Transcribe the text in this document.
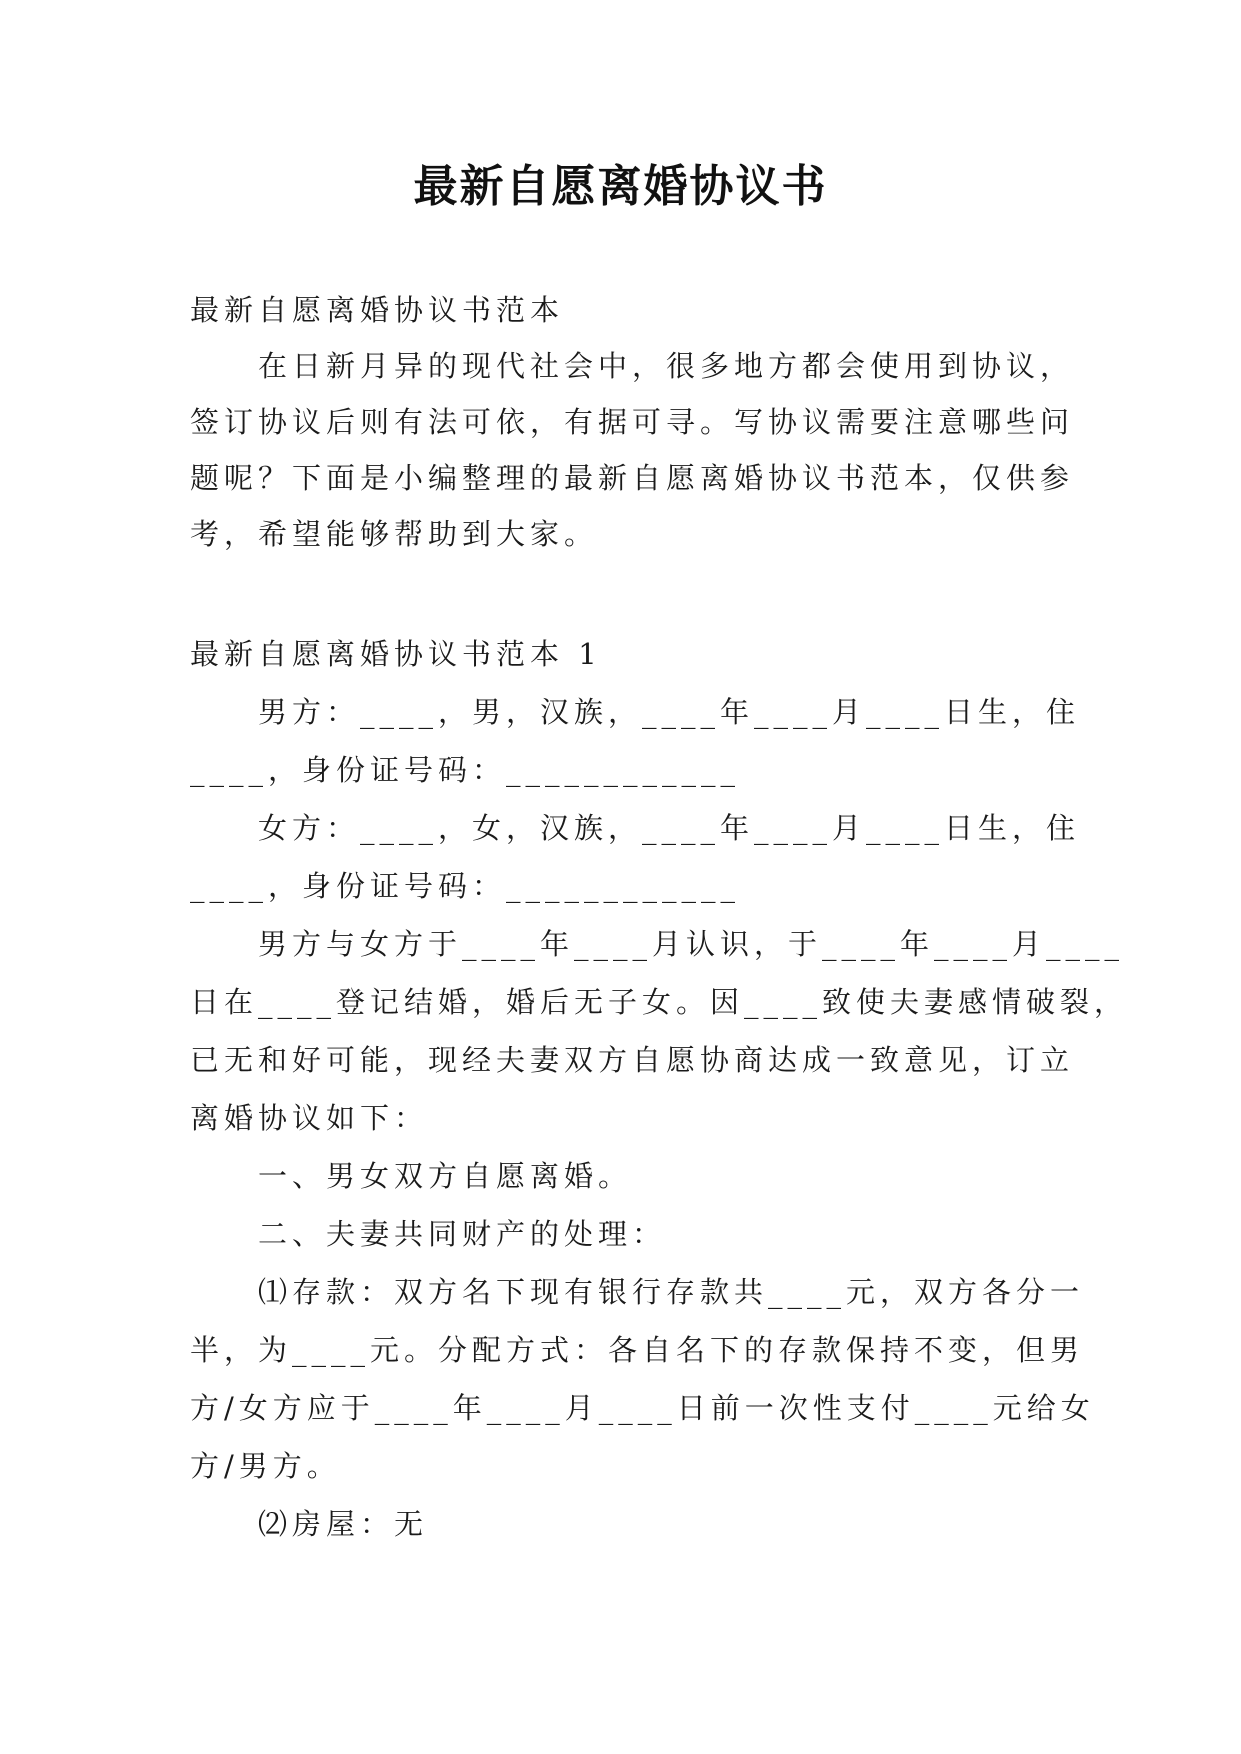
最新自愿离婚协议书
最新自愿离婚协议书范本
在日新月异的现代社会中，很多地方都会使用到协议，
签订协议后则有法可依，有据可寻。写协议需要注意哪些问
题呢？下面是小编整理的最新自愿离婚协议书范本，仅供参
考，希望能够帮助到大家。
最新自愿离婚协议书范本 1
男方：____，男，汉族，____年____月____日生，住
____，身份证号码：____________
女方：____，女，汉族，____年____月____日生，住
____，身份证号码：____________
男方与女方于____年____月认识，于____年____月____
日在____登记结婚，婚后无子女。因____致使夫妻感情破裂，
已无和好可能，现经夫妻双方自愿协商达成一致意见，订立
离婚协议如下：
一、男女双方自愿离婚。
二、夫妻共同财产的处理：
⑴存款：双方名下现有银行存款共____元，双方各分一
半，为____元。分配方式：各自名下的存款保持不变，但男
方/女方应于____年____月____日前一次性支付____元给女
方/男方。
⑵房屋：无
